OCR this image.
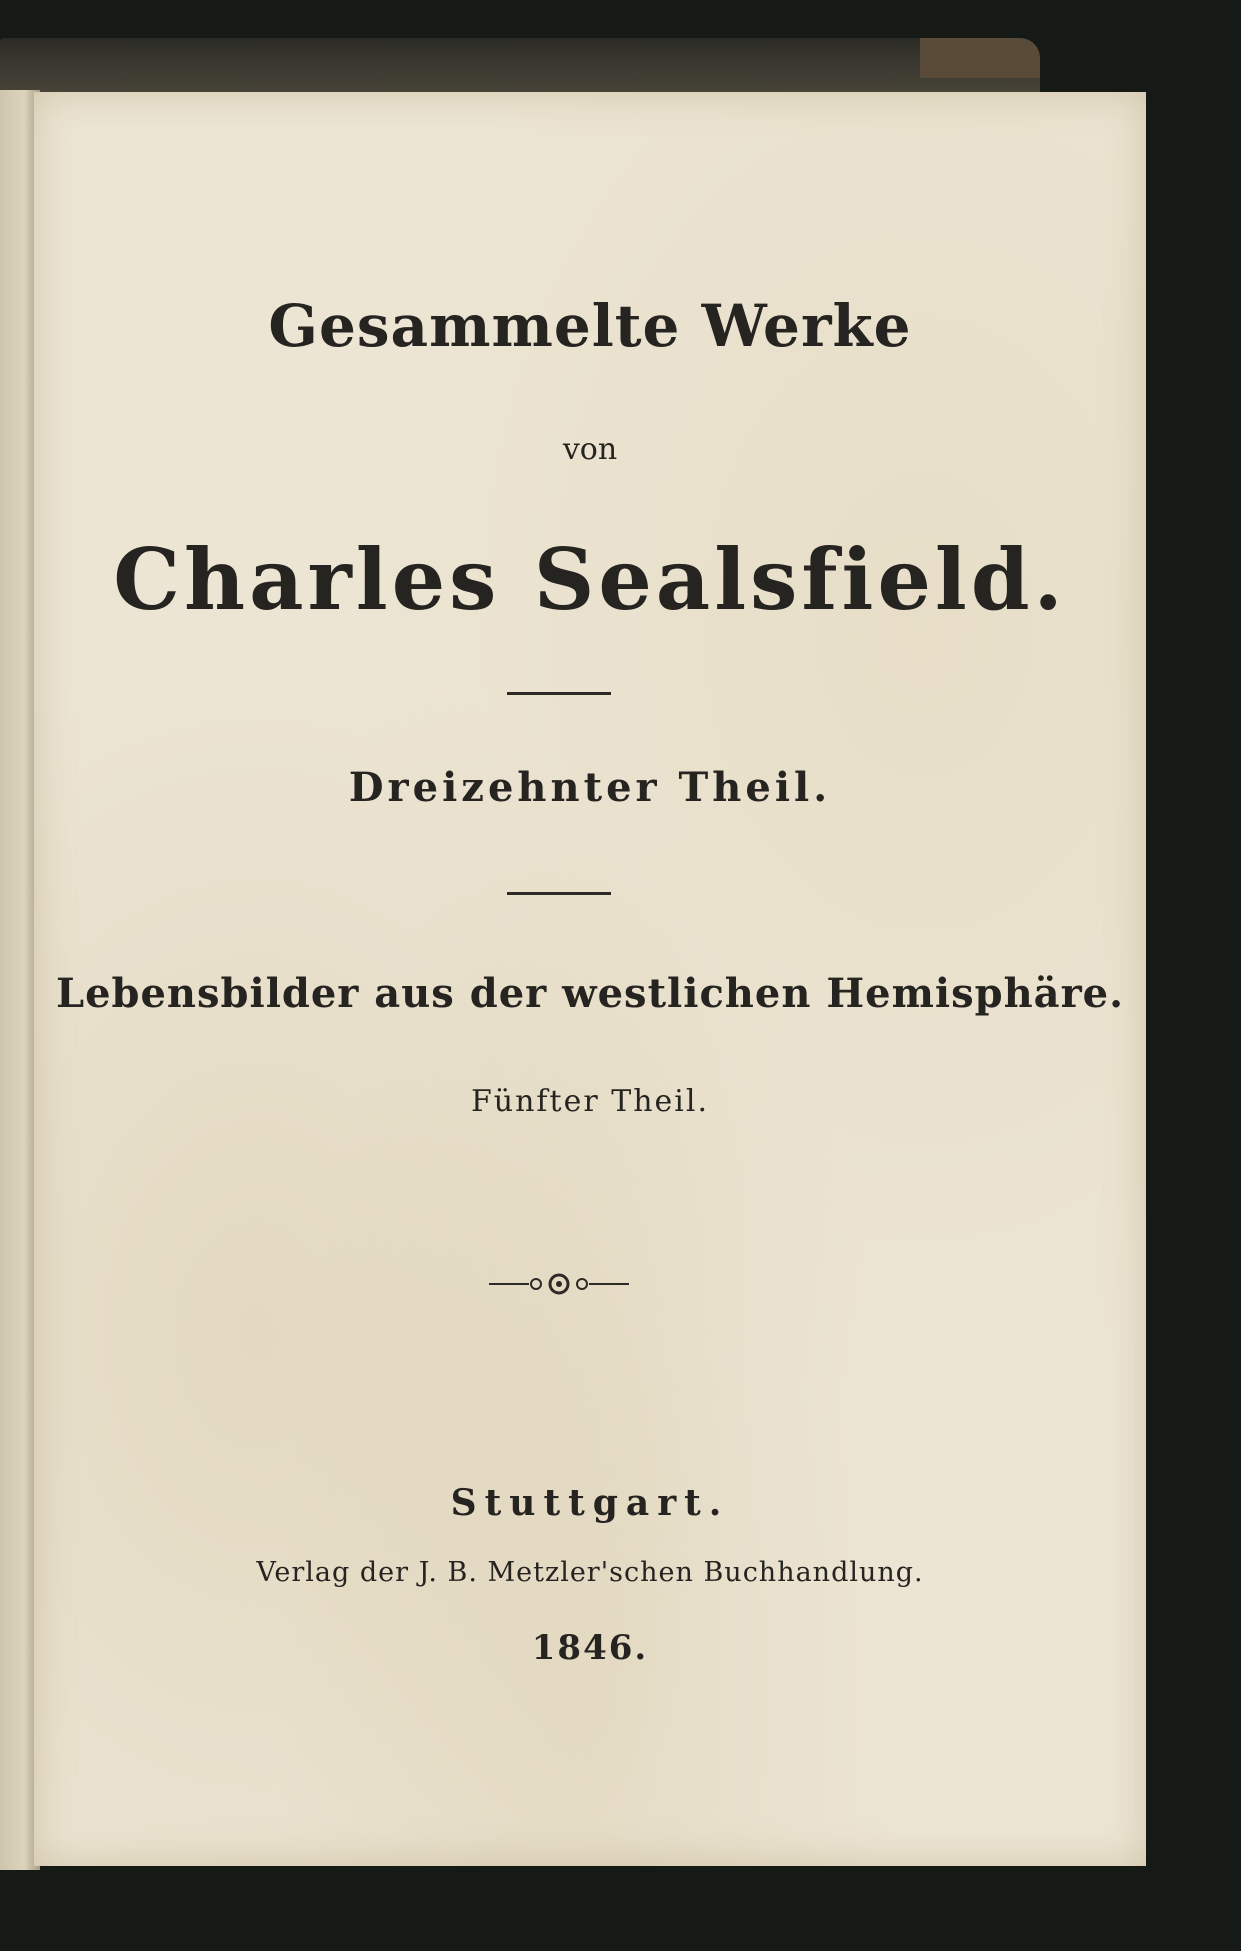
Gesammelte Werke
von
Charles Sealsfield.
Dreizehnter Theil.
Lebensbilder aus der westlichen Hemisphäre.
Fünfter Theil.
Stuttgart.
Verlag der J. B. Metzler'schen Buchhandlung.
1846.
